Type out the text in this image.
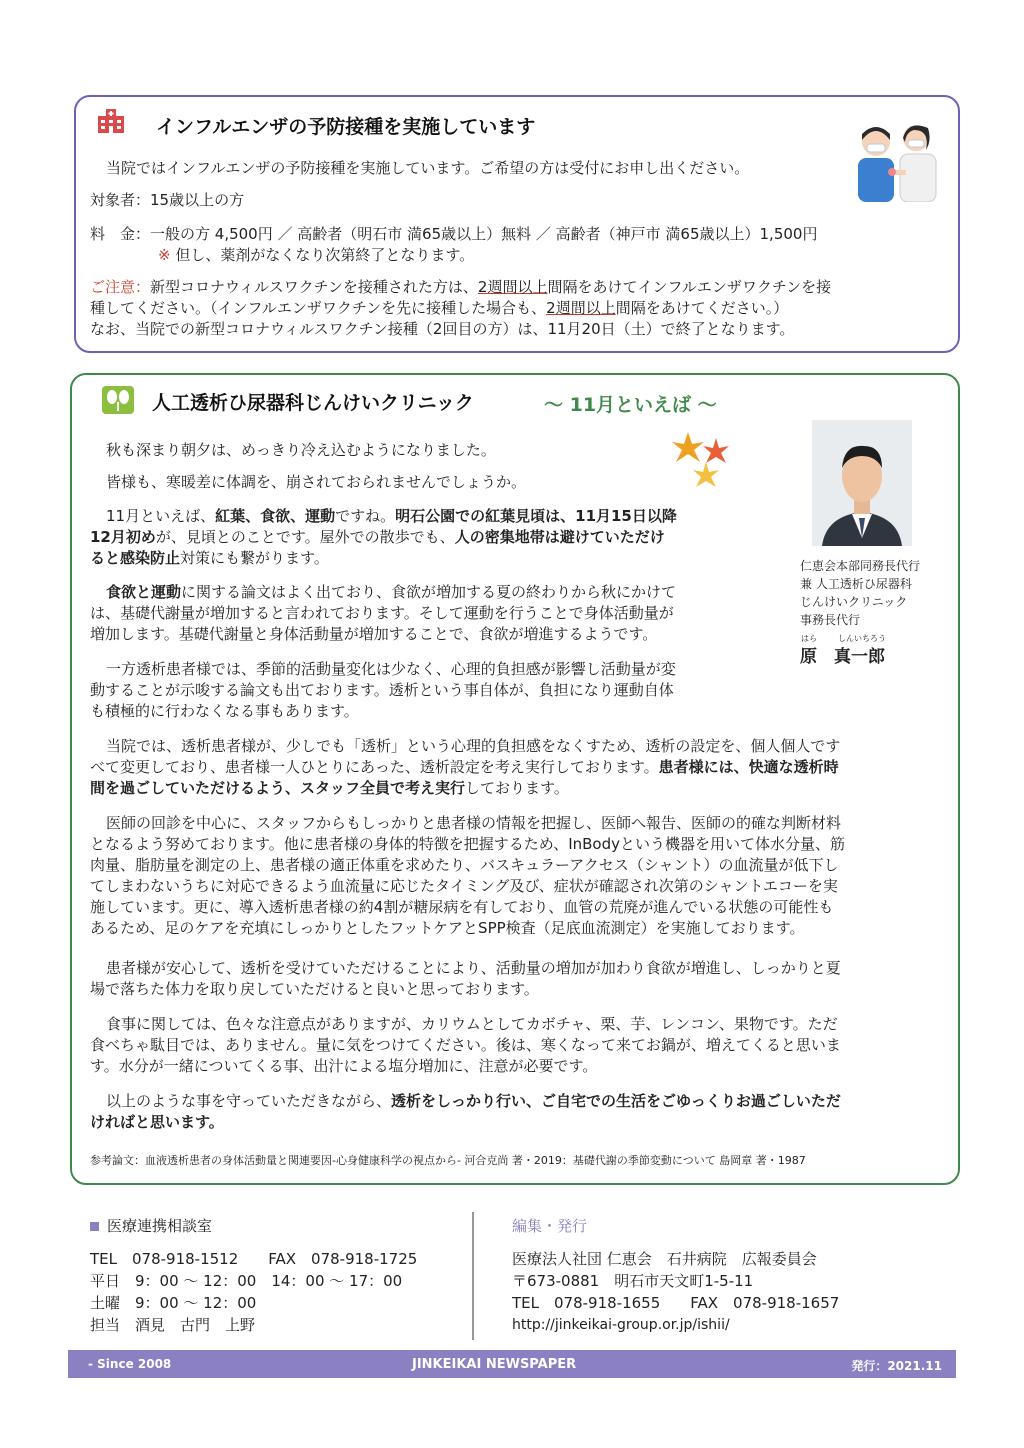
インフルエンザの予防接種を実施しています
当院ではインフルエンザの予防接種を実施しています。ご希望の方は受付にお申し出ください。
対象者：15歳以上の方
料　金：一般の方 4,500円 ／ 高齢者（明石市 満65歳以上）無料 ／ 高齢者（神戸市 満65歳以上）1,500円
※ 但し、薬剤がなくなり次第終了となります。
ご注意：新型コロナウィルスワクチンを接種された方は、2週間以上間隔をあけてインフルエンザワクチンを接
種してください。（インフルエンザワクチンを先に接種した場合も、2週間以上間隔をあけてください。）
なお、当院での新型コロナウィルスワクチン接種（2回目の方）は、11月20日（土）で終了となります。
人工透析ひ尿器科じんけいクリニック	～ 11月といえば ～
仁恵会本部同務長代行
兼 人工透析ひ尿器科
じんけいクリニック
事務長代行
はら	しんいちろう
原　真一郎
秋も深まり朝夕は、めっきり冷え込むようになりました。
皆様も、寒暖差に体調を、崩されておられませんでしょうか。
11月といえば、紅葉、食欲、運動ですね。明石公園での紅葉見頃は、11月15日以降
12月初めが、見頃とのことです。屋外での散歩でも、人の密集地帯は避けていただけ
ると感染防止対策にも繋がります。
食欲と運動に関する論文はよく出ており、食欲が増加する夏の終わりから秋にかけて
は、基礎代謝量が増加すると言われております。そして運動を行うことで身体活動量が
増加します。基礎代謝量と身体活動量が増加することで、食欲が増進するようです。
一方透析患者様では、季節的活動量変化は少なく、心理的負担感が影響し活動量が変
動することが示唆する論文も出ております。透析という事自体が、負担になり運動自体
も積極的に行わなくなる事もあります。
当院では、透析患者様が、少しでも「透析」という心理的負担感をなくすため、透析の設定を、個人個人です
べて変更しており、患者様一人ひとりにあった、透析設定を考え実行しております。患者様には、快適な透析時
間を過ごしていただけるよう、スタッフ全員で考え実行しております。
医師の回診を中心に、スタッフからもしっかりと患者様の情報を把握し、医師へ報告、医師の的確な判断材料
となるよう努めております。他に患者様の身体的特徴を把握するため、InBodyという機器を用いて体水分量、筋
肉量、脂肪量を測定の上、患者様の適正体重を求めたり、バスキュラーアクセス（シャント）の血流量が低下し
てしまわないうちに対応できるよう血流量に応じたタイミング及び、症状が確認され次第のシャントエコーを実
施しています。更に、導入透析患者様の約4割が糖尿病を有しており、血管の荒廃が進んでいる状態の可能性も
あるため、足のケアを充填にしっかりとしたフットケアとSPP検査（足底血流測定）を実施しております。
患者様が安心して、透析を受けていただけることにより、活動量の増加が加わり食欲が増進し、しっかりと夏
場で落ちた体力を取り戻していただけると良いと思っております。
食事に関しては、色々な注意点がありますが、カリウムとしてカボチャ、栗、芋、レンコン、果物です。ただ
食べちゃ駄目では、ありません。量に気をつけてください。後は、寒くなって来てお鍋が、増えてくると思いま
す。水分が一緒についてくる事、出汁による塩分増加に、注意が必要です。
以上のような事を守っていただきながら、透析をしっかり行い、ご自宅での生活をごゆっくりお過ごしいただ
ければと思います。
参考論文：血液透析患者の身体活動量と関連要因-心身健康科学の視点から- 河合克尚 著・2019：基礎代謝の季節変動について 島岡章 著・1987
医療連携相談室
TEL　078-918-1512　　FAX　078-918-1725
平日　9：00 ～ 12：00　14：00 ～ 17：00
土曜　9：00 ～ 12：00
担当　酒見　古門　上野
編集・発行
医療法人社団 仁恵会　石井病院　広報委員会
〒673-0881　明石市天文町1-5-11
TEL　078-918-1655　　FAX　078-918-1657
http://jinkeikai-group.or.jp/ishii/
- Since 2008	JINKEIKAI NEWSPAPER	発行：2021.11
